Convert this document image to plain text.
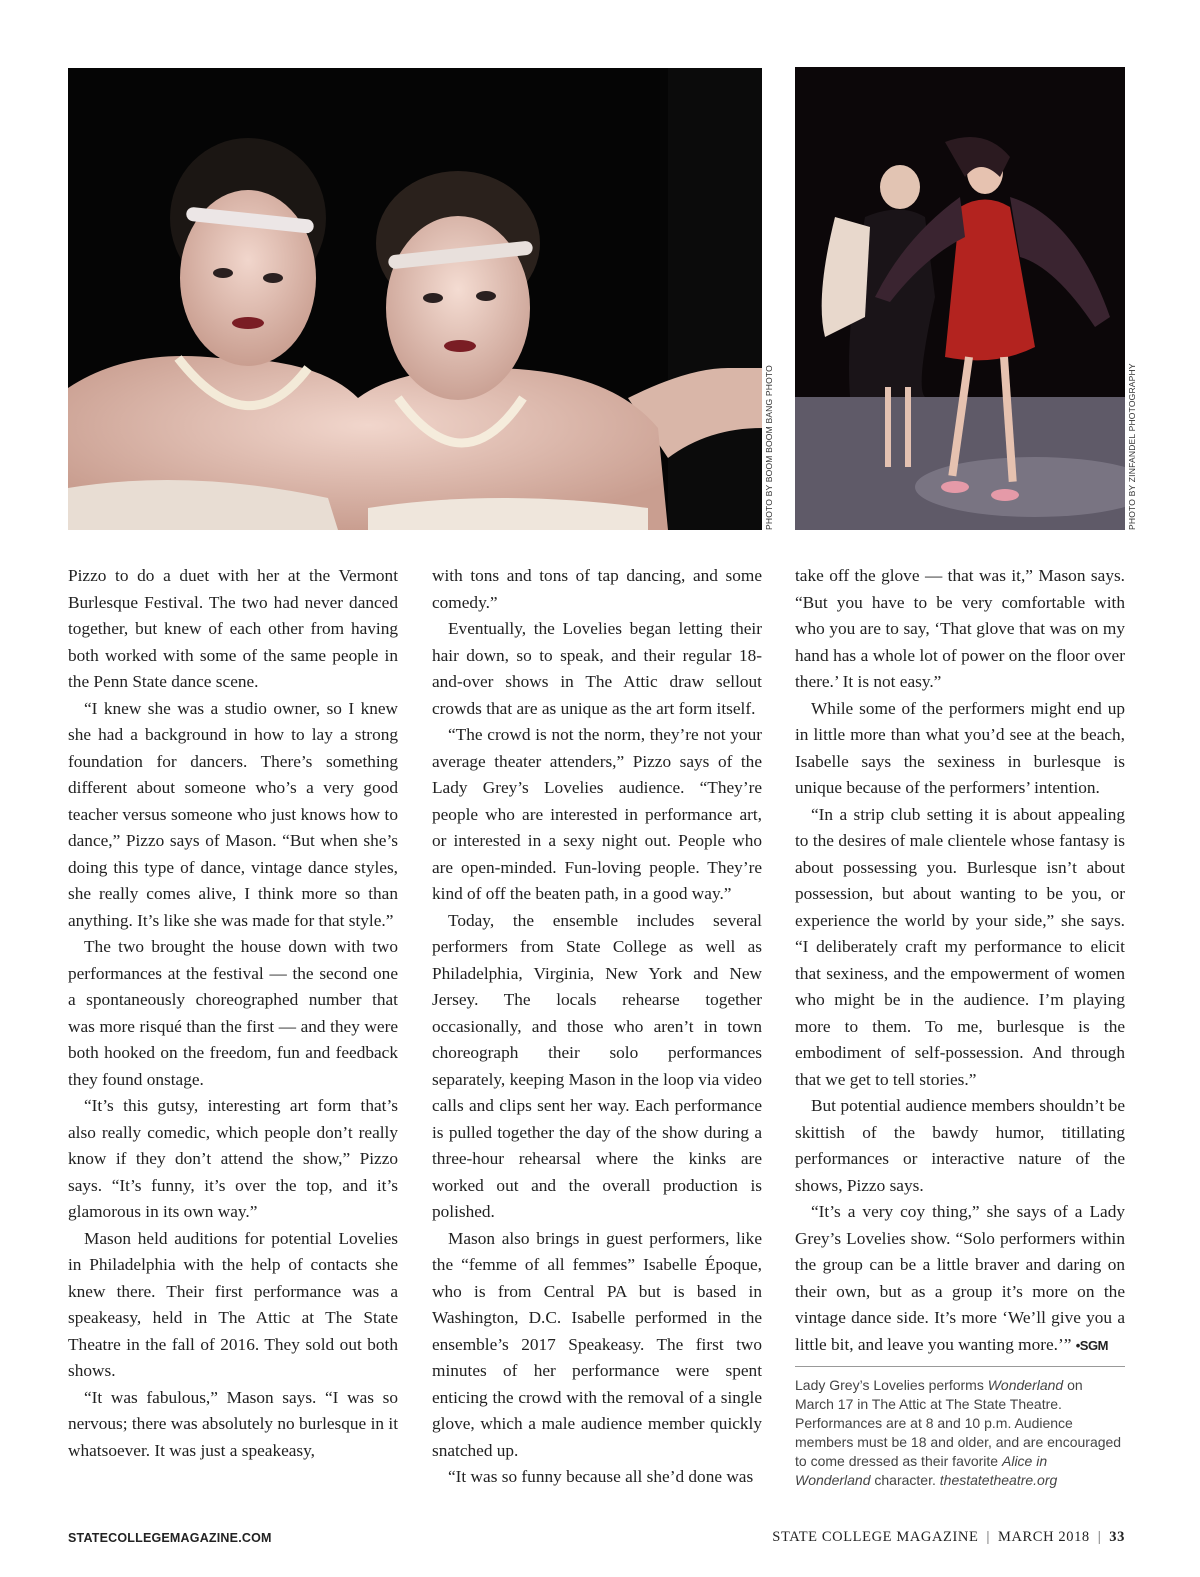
PHOTO BY BOOM BOOM BANG PHOTO	PHOTO BY ZINFANDEL PHOTOGRAPHY

Pizzo to do a duet with her at the Vermont Burlesque Festival. The two had never danced together, but knew of each other from having both worked with some of the same people in the Penn State dance scene.

“I knew she was a studio owner, so I knew she had a background in how to lay a strong foundation for dancers. There’s something different about someone who’s a very good teacher versus someone who just knows how to dance,” Pizzo says of Mason. “But when she’s doing this type of dance, vintage dance styles, she really comes alive, I think more so than anything. It’s like she was made for that style.”

The two brought the house down with two performances at the festival — the second one a spontaneously choreographed number that was more risqué than the first — and they were both hooked on the freedom, fun and feedback they found onstage.

“It’s this gutsy, interesting art form that’s also really comedic, which people don’t really know if they don’t attend the show,” Pizzo says. “It’s funny, it’s over the top, and it’s glamorous in its own way.”

Mason held auditions for potential Lovelies in Philadelphia with the help of contacts she knew there. Their first performance was a speakeasy, held in The Attic at The State Theatre in the fall of 2016. They sold out both shows.

“It was fabulous,” Mason says. “I was so nervous; there was absolutely no burlesque in it whatsoever. It was just a speakeasy,

with tons and tons of tap dancing, and some comedy.”

Eventually, the Lovelies began letting their hair down, so to speak, and their regular 18-and-over shows in The Attic draw sellout crowds that are as unique as the art form itself.

“The crowd is not the norm, they’re not your average theater attenders,” Pizzo says of the Lady Grey’s Lovelies audience. “They’re people who are interested in performance art, or interested in a sexy night out. People who are open-minded. Fun-loving people. They’re kind of off the beaten path, in a good way.”

Today, the ensemble includes several performers from State College as well as Philadelphia, Virginia, New York and New Jersey. The locals rehearse together occasionally, and those who aren’t in town choreograph their solo performances separately, keeping Mason in the loop via video calls and clips sent her way. Each performance is pulled together the day of the show during a three-hour rehearsal where the kinks are worked out and the overall production is polished.

Mason also brings in guest performers, like the “femme of all femmes” Isabelle Époque, who is from Central PA but is based in Washington, D.C. Isabelle performed in the ensemble’s 2017 Speakeasy. The first two minutes of her performance were spent enticing the crowd with the removal of a single glove, which a male audience member quickly snatched up.

“It was so funny because all she’d done was

take off the glove — that was it,” Mason says. “But you have to be very comfortable with who you are to say, ‘That glove that was on my hand has a whole lot of power on the floor over there.’ It is not easy.”

While some of the performers might end up in little more than what you’d see at the beach, Isabelle says the sexiness in burlesque is unique because of the performers’ intention.

“In a strip club setting it is about appealing to the desires of male clientele whose fantasy is about possessing you. Burlesque isn’t about possession, but about wanting to be you, or experience the world by your side,” she says. “I deliberately craft my performance to elicit that sexiness, and the empowerment of women who might be in the audience. I’m playing more to them. To me, burlesque is the embodiment of self-possession. And through that we get to tell stories.”

But potential audience members shouldn’t be skittish of the bawdy humor, titillating performances or interactive nature of the shows, Pizzo says.

“It’s a very coy thing,” she says of a Lady Grey’s Lovelies show. “Solo performers within the group can be a little braver and daring on their own, but as a group it’s more on the vintage dance side. It’s more ‘We’ll give you a little bit, and leave you wanting more.’” •SGM

Lady Grey’s Lovelies performs Wonderland on March 17 in The Attic at The State Theatre. Performances are at 8 and 10 p.m. Audience members must be 18 and older, and are encouraged to come dressed as their favorite Alice in Wonderland character. thestatetheatre.org
STATECOLLEGEMAGAZINE.COM	STATE COLLEGE MAGAZINE | MARCH 2018 | 33
